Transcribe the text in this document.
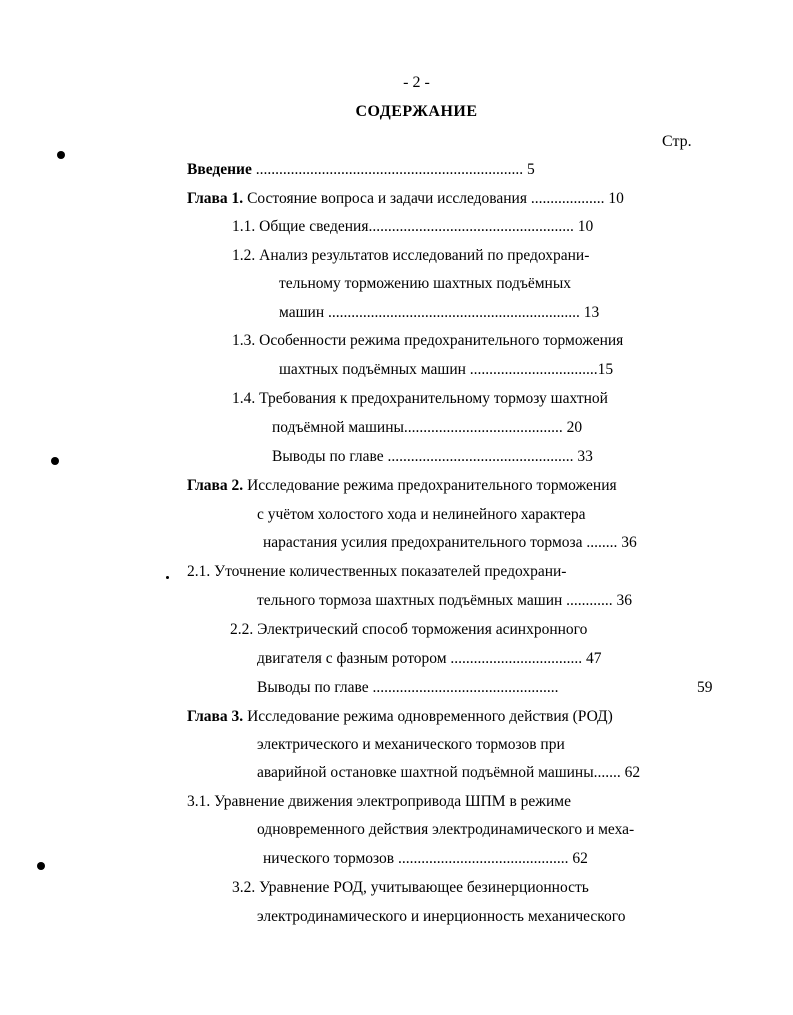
- 2 -
СОДЕРЖАНИЕ
Стр.
Введение ..................................................................... 5
Глава 1. Состояние вопроса и задачи исследования ................... 10
1.1. Общие сведения..................................................... 10
1.2. Анализ результатов исследований по предохрани-
тельному торможению шахтных подъёмных
машин ................................................................. 13
1.3. Особенности режима предохранительного торможения
шахтных подъёмных машин .................................15
1.4. Требования к предохранительному тормозу шахтной
подъёмной машины......................................... 20
Выводы по главе ................................................ 33
Глава 2. Исследование режима предохранительного торможения
с учётом холостого хода и нелинейного характера
нарастания усилия предохранительного тормоза ........ 36
2.1. Уточнение количественных показателей предохрани-
тельного тормоза шахтных подъёмных машин ............ 36
2.2. Электрический способ торможения асинхронного
двигателя с фазным ротором .................................. 47
Выводы по главе ................................................	59
Глава 3. Исследование режима одновременного действия (РОД)
электрического и механического тормозов при
аварийной остановке шахтной подъёмной машины....... 62
3.1. Уравнение движения электропривода ШПМ в режиме
одновременного действия электродинамического и меха-
нического тормозов ............................................ 62
3.2. Уравнение РОД, учитывающее безинерционность
электродинамического и инерционность механического
